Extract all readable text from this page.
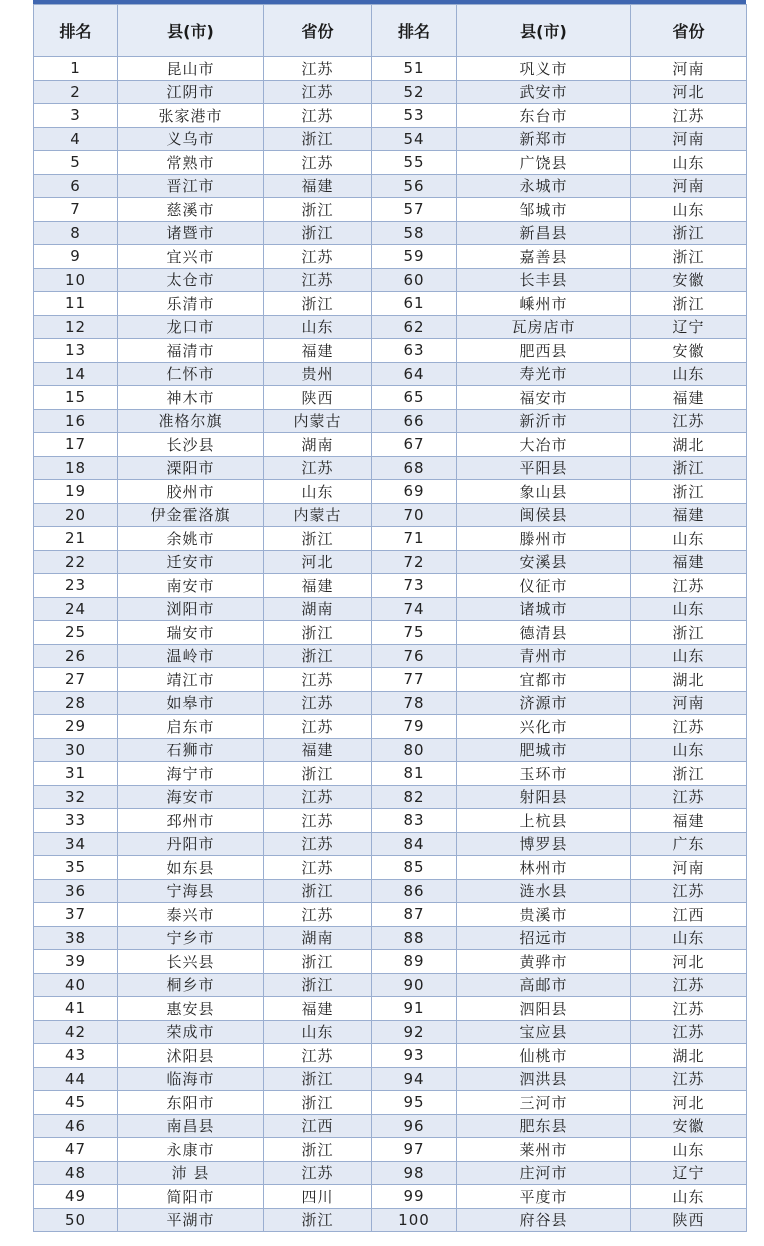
排名	县(市)	省份	排名	县(市)	省份
1	昆山市	江苏	51	巩义市	河南
2	江阴市	江苏	52	武安市	河北
3	张家港市	江苏	53	东台市	江苏
4	义乌市	浙江	54	新郑市	河南
5	常熟市	江苏	55	广饶县	山东
6	晋江市	福建	56	永城市	河南
7	慈溪市	浙江	57	邹城市	山东
8	诸暨市	浙江	58	新昌县	浙江
9	宜兴市	江苏	59	嘉善县	浙江
10	太仓市	江苏	60	长丰县	安徽
11	乐清市	浙江	61	嵊州市	浙江
12	龙口市	山东	62	瓦房店市	辽宁
13	福清市	福建	63	肥西县	安徽
14	仁怀市	贵州	64	寿光市	山东
15	神木市	陕西	65	福安市	福建
16	准格尔旗	内蒙古	66	新沂市	江苏
17	长沙县	湖南	67	大冶市	湖北
18	溧阳市	江苏	68	平阳县	浙江
19	胶州市	山东	69	象山县	浙江
20	伊金霍洛旗	内蒙古	70	闽侯县	福建
21	余姚市	浙江	71	滕州市	山东
22	迁安市	河北	72	安溪县	福建
23	南安市	福建	73	仪征市	江苏
24	浏阳市	湖南	74	诸城市	山东
25	瑞安市	浙江	75	德清县	浙江
26	温岭市	浙江	76	青州市	山东
27	靖江市	江苏	77	宜都市	湖北
28	如皋市	江苏	78	济源市	河南
29	启东市	江苏	79	兴化市	江苏
30	石狮市	福建	80	肥城市	山东
31	海宁市	浙江	81	玉环市	浙江
32	海安市	江苏	82	射阳县	江苏
33	邳州市	江苏	83	上杭县	福建
34	丹阳市	江苏	84	博罗县	广东
35	如东县	江苏	85	林州市	河南
36	宁海县	浙江	86	涟水县	江苏
37	泰兴市	江苏	87	贵溪市	江西
38	宁乡市	湖南	88	招远市	山东
39	长兴县	浙江	89	黄骅市	河北
40	桐乡市	浙江	90	高邮市	江苏
41	惠安县	福建	91	泗阳县	江苏
42	荣成市	山东	92	宝应县	江苏
43	沭阳县	江苏	93	仙桃市	湖北
44	临海市	浙江	94	泗洪县	江苏
45	东阳市	浙江	95	三河市	河北
46	南昌县	江西	96	肥东县	安徽
47	永康市	浙江	97	莱州市	山东
48	沛 县	江苏	98	庄河市	辽宁
49	简阳市	四川	99	平度市	山东
50	平湖市	浙江	100	府谷县	陕西
